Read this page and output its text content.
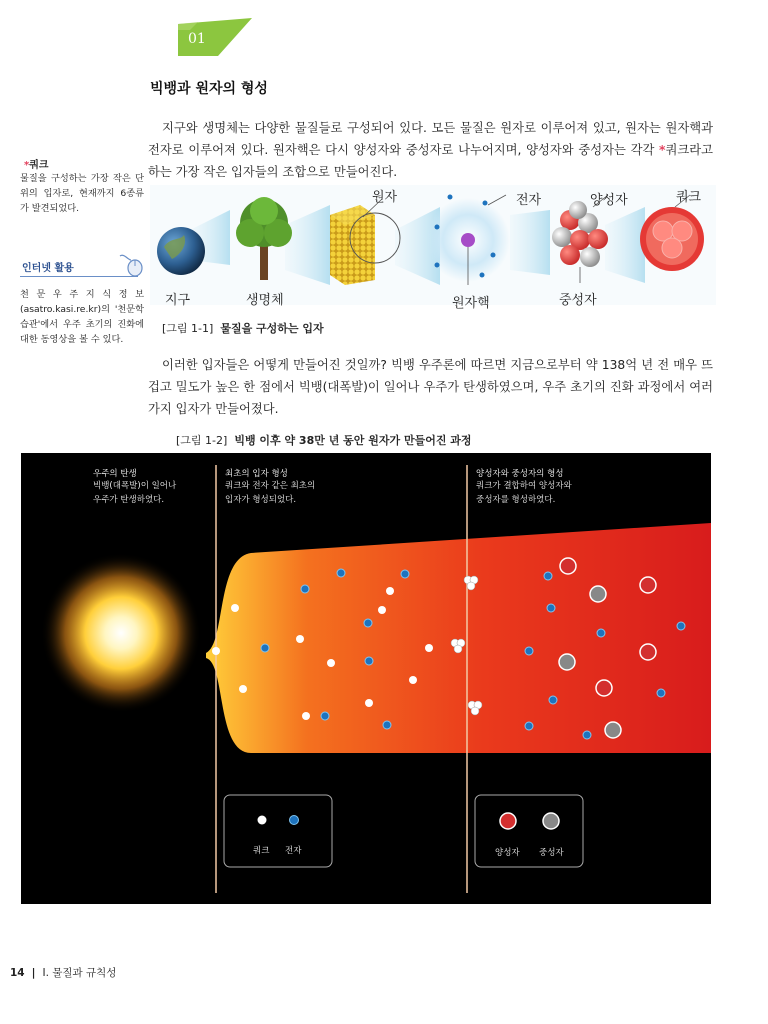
01
빅뱅과 원자의 형성
지구와 생명체는 다양한 물질들로 구성되어 있다. 모든 물질은 원자로 이루어져 있고, 원자는 원자핵과 전자로 이루어져 있다. 원자핵은 다시 양성자와 중성자로 나누어지며, 양성자와 중성자는 각각 *쿼크라고 하는 가장 작은 입자들의 조합으로 만들어진다.
*쿼크
물질을 구성하는 가장 작은 단위의 입자로, 현재까지 6종류가 발견되었다.
인터넷 활용
천 문 우 주 지 식 정 보 (asatro.kasi.re.kr)의 '천문학습관'에서 우주 초기의 진화에 대한 동영상을 볼 수 있다.
지구	생명체
원자	전자
원자핵
양성자
중성자
쿼크
[그림 1-1] 물질을 구성하는 입자
이러한 입자들은 어떻게 만들어진 것일까? 빅뱅 우주론에 따르면 지금으로부터 약 138억 년 전 매우 뜨겁고 밀도가 높은 한 점에서 빅뱅(대폭발)이 일어나 우주가 탄생하였으며, 우주 초기의 진화 과정에서 여러 가지 입자가 만들어졌다.
[그림 1-2] 빅뱅 이후 약 38만 년 동안 원자가 만들어진 과정
우주의 탄생
빅뱅(대폭발)이 일어나
우주가 탄생하였다.
최초의 입자 형성
쿼크와 전자 같은 최초의
입자가 형성되었다.
양성자와 중성자의 형성
쿼크가 결합하여 양성자와
중성자를 형성하였다.
쿼크 전자	양성자 중성자
14  |  Ⅰ. 물질과 규칙성
